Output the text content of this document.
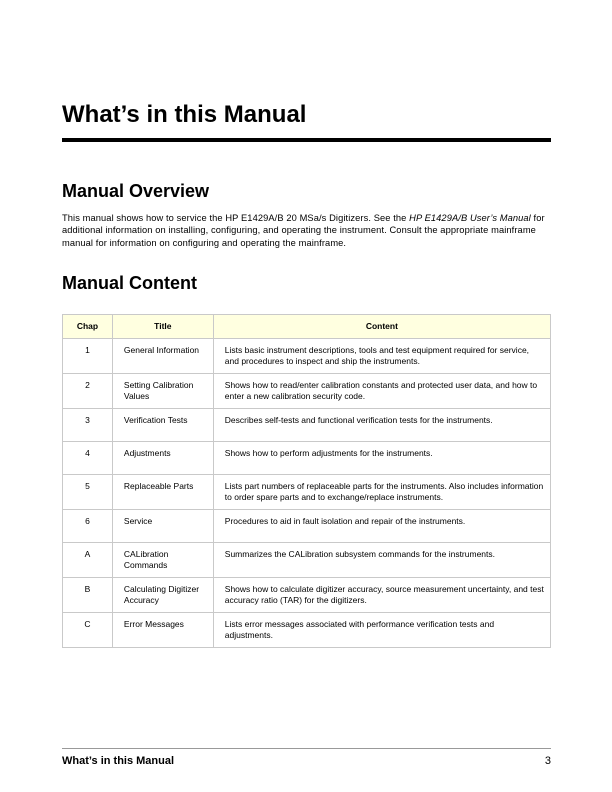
What’s in this Manual
Manual Overview

This manual shows how to service the HP E1429A/B 20 MSa/s Digitizers. See the HP E1429A/B User’s Manual for additional information on installing, configuring, and operating the instrument. Consult the appropriate mainframe manual for information on configuring and operating the mainframe.

Manual Content
Chap	Title	Content
1	General Information	Lists basic instrument descriptions, tools and test equipment required for service, and procedures to inspect and ship the instruments.
2	Setting Calibration Values	Shows how to read/enter calibration constants and protected user data, and how to enter a new calibration security code.
3	Verification Tests	Describes self-tests and functional verification tests for the instruments.
4	Adjustments	Shows how to perform adjustments for the instruments.
5	Replaceable Parts	Lists part numbers of replaceable parts for the instruments. Also includes information to order spare parts and to exchange/replace instruments.
6	Service	Procedures to aid in fault isolation and repair of the instruments.
A	CALibration Commands	Summarizes the CALibration subsystem commands for the instruments.
B	Calculating Digitizer Accuracy	Shows how to calculate digitizer accuracy, source measurement uncertainty, and test accuracy ratio (TAR) for the digitizers.
C	Error Messages	Lists error messages associated with performance verification tests and adjustments.
What’s in this Manual	3
